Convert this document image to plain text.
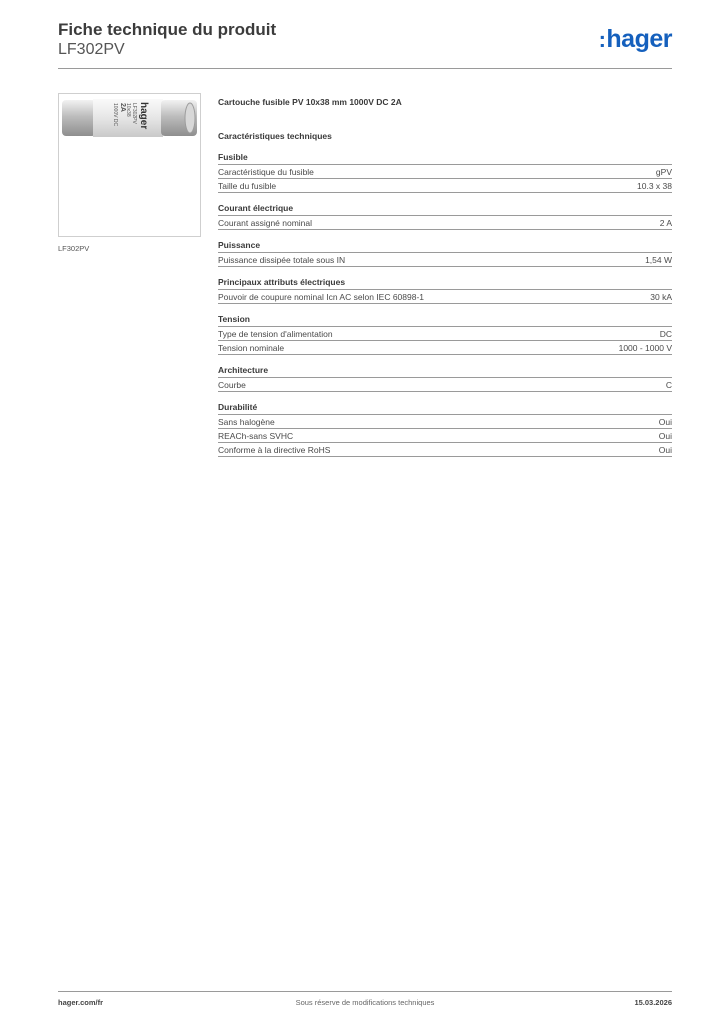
Fiche technique du produit
LF302PV	:hager
hager
LF302PV
10x38
2A
1000V DC
LF302PV
Cartouche fusible PV 10x38 mm 1000V DC 2A
Caractéristiques techniques
Fusible
Caractéristique du fusible	gPV
Taille du fusible	10.3 x 38
Courant électrique
Courant assigné nominal	2 A
Puissance
Puissance dissipée totale sous IN	1,54 W
Principaux attributs électriques
Pouvoir de coupure nominal Icn AC selon IEC 60898-1	30 kA
Tension
Type de tension d'alimentation	DC
Tension nominale	1000 - 1000 V
Architecture
Courbe	C
Durabilité
Sans halogène	Oui
REACh-sans SVHC	Oui
Conforme à la directive RoHS	Oui
hager.com/fr	Sous réserve de modifications techniques	15.03.2026
